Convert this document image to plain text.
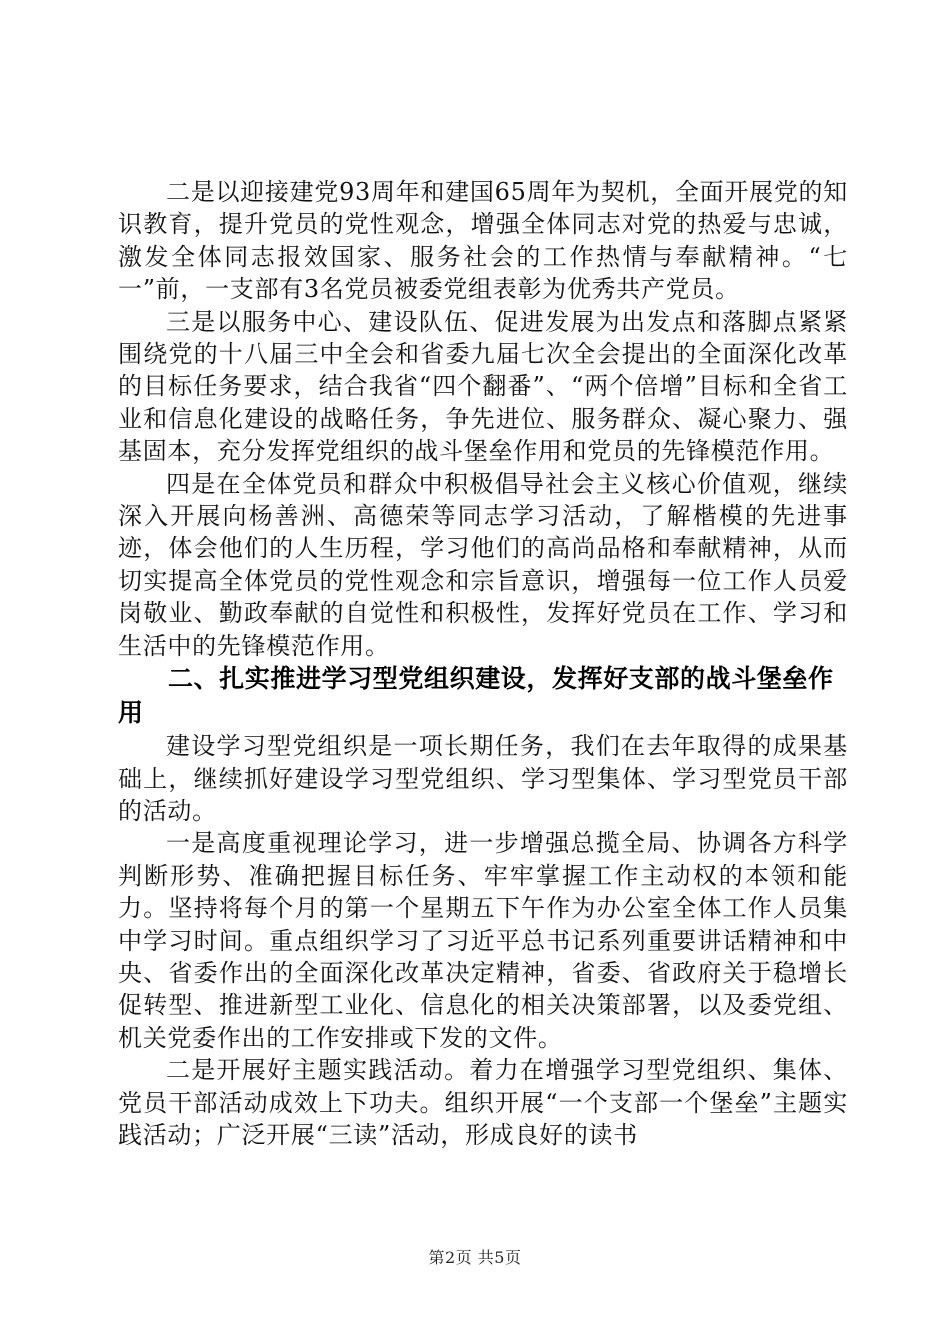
二是以迎接建党93周年和建国65周年为契机，全面开展党的知识教育，提升党员的党性观念，增强全体同志对党的热爱与忠诚，激发全体同志报效国家、服务社会的工作热情与奉献精神。“七一”前，一支部有3名党员被委党组表彰为优秀共产党员。

三是以服务中心、建设队伍、促进发展为出发点和落脚点紧紧围绕党的十八届三中全会和省委九届七次全会提出的全面深化改革的目标任务要求，结合我省“四个翻番”、“两个倍增”目标和全省工业和信息化建设的战略任务，争先进位、服务群众、凝心聚力、强基固本，充分发挥党组织的战斗堡垒作用和党员的先锋模范作用。

四是在全体党员和群众中积极倡导社会主义核心价值观，继续深入开展向杨善洲、高德荣等同志学习活动，了解楷模的先进事迹，体会他们的人生历程，学习他们的高尚品格和奉献精神，从而切实提高全体党员的党性观念和宗旨意识，增强每一位工作人员爱岗敬业、勤政奉献的自觉性和积极性，发挥好党员在工作、学习和生活中的先锋模范作用。

二、扎实推进学习型党组织建设，发挥好支部的战斗堡垒作用

建设学习型党组织是一项长期任务，我们在去年取得的成果基础上，继续抓好建设学习型党组织、学习型集体、学习型党员干部的活动。

一是高度重视理论学习，进一步增强总揽全局、协调各方科学判断形势、准确把握目标任务、牢牢掌握工作主动权的本领和能力。坚持将每个月的第一个星期五下午作为办公室全体工作人员集中学习时间。重点组织学习了习近平总书记系列重要讲话精神和中央、省委作出的全面深化改革决定精神，省委、省政府关于稳增长促转型、推进新型工业化、信息化的相关决策部署，以及委党组、机关党委作出的工作安排或下发的文件。

二是开展好主题实践活动。着力在增强学习型党组织、集体、党员干部活动成效上下功夫。组织开展“一个支部一个堡垒”主题实践活动；广泛开展“三读”活动，形成良好的读书

第2页 共5页
